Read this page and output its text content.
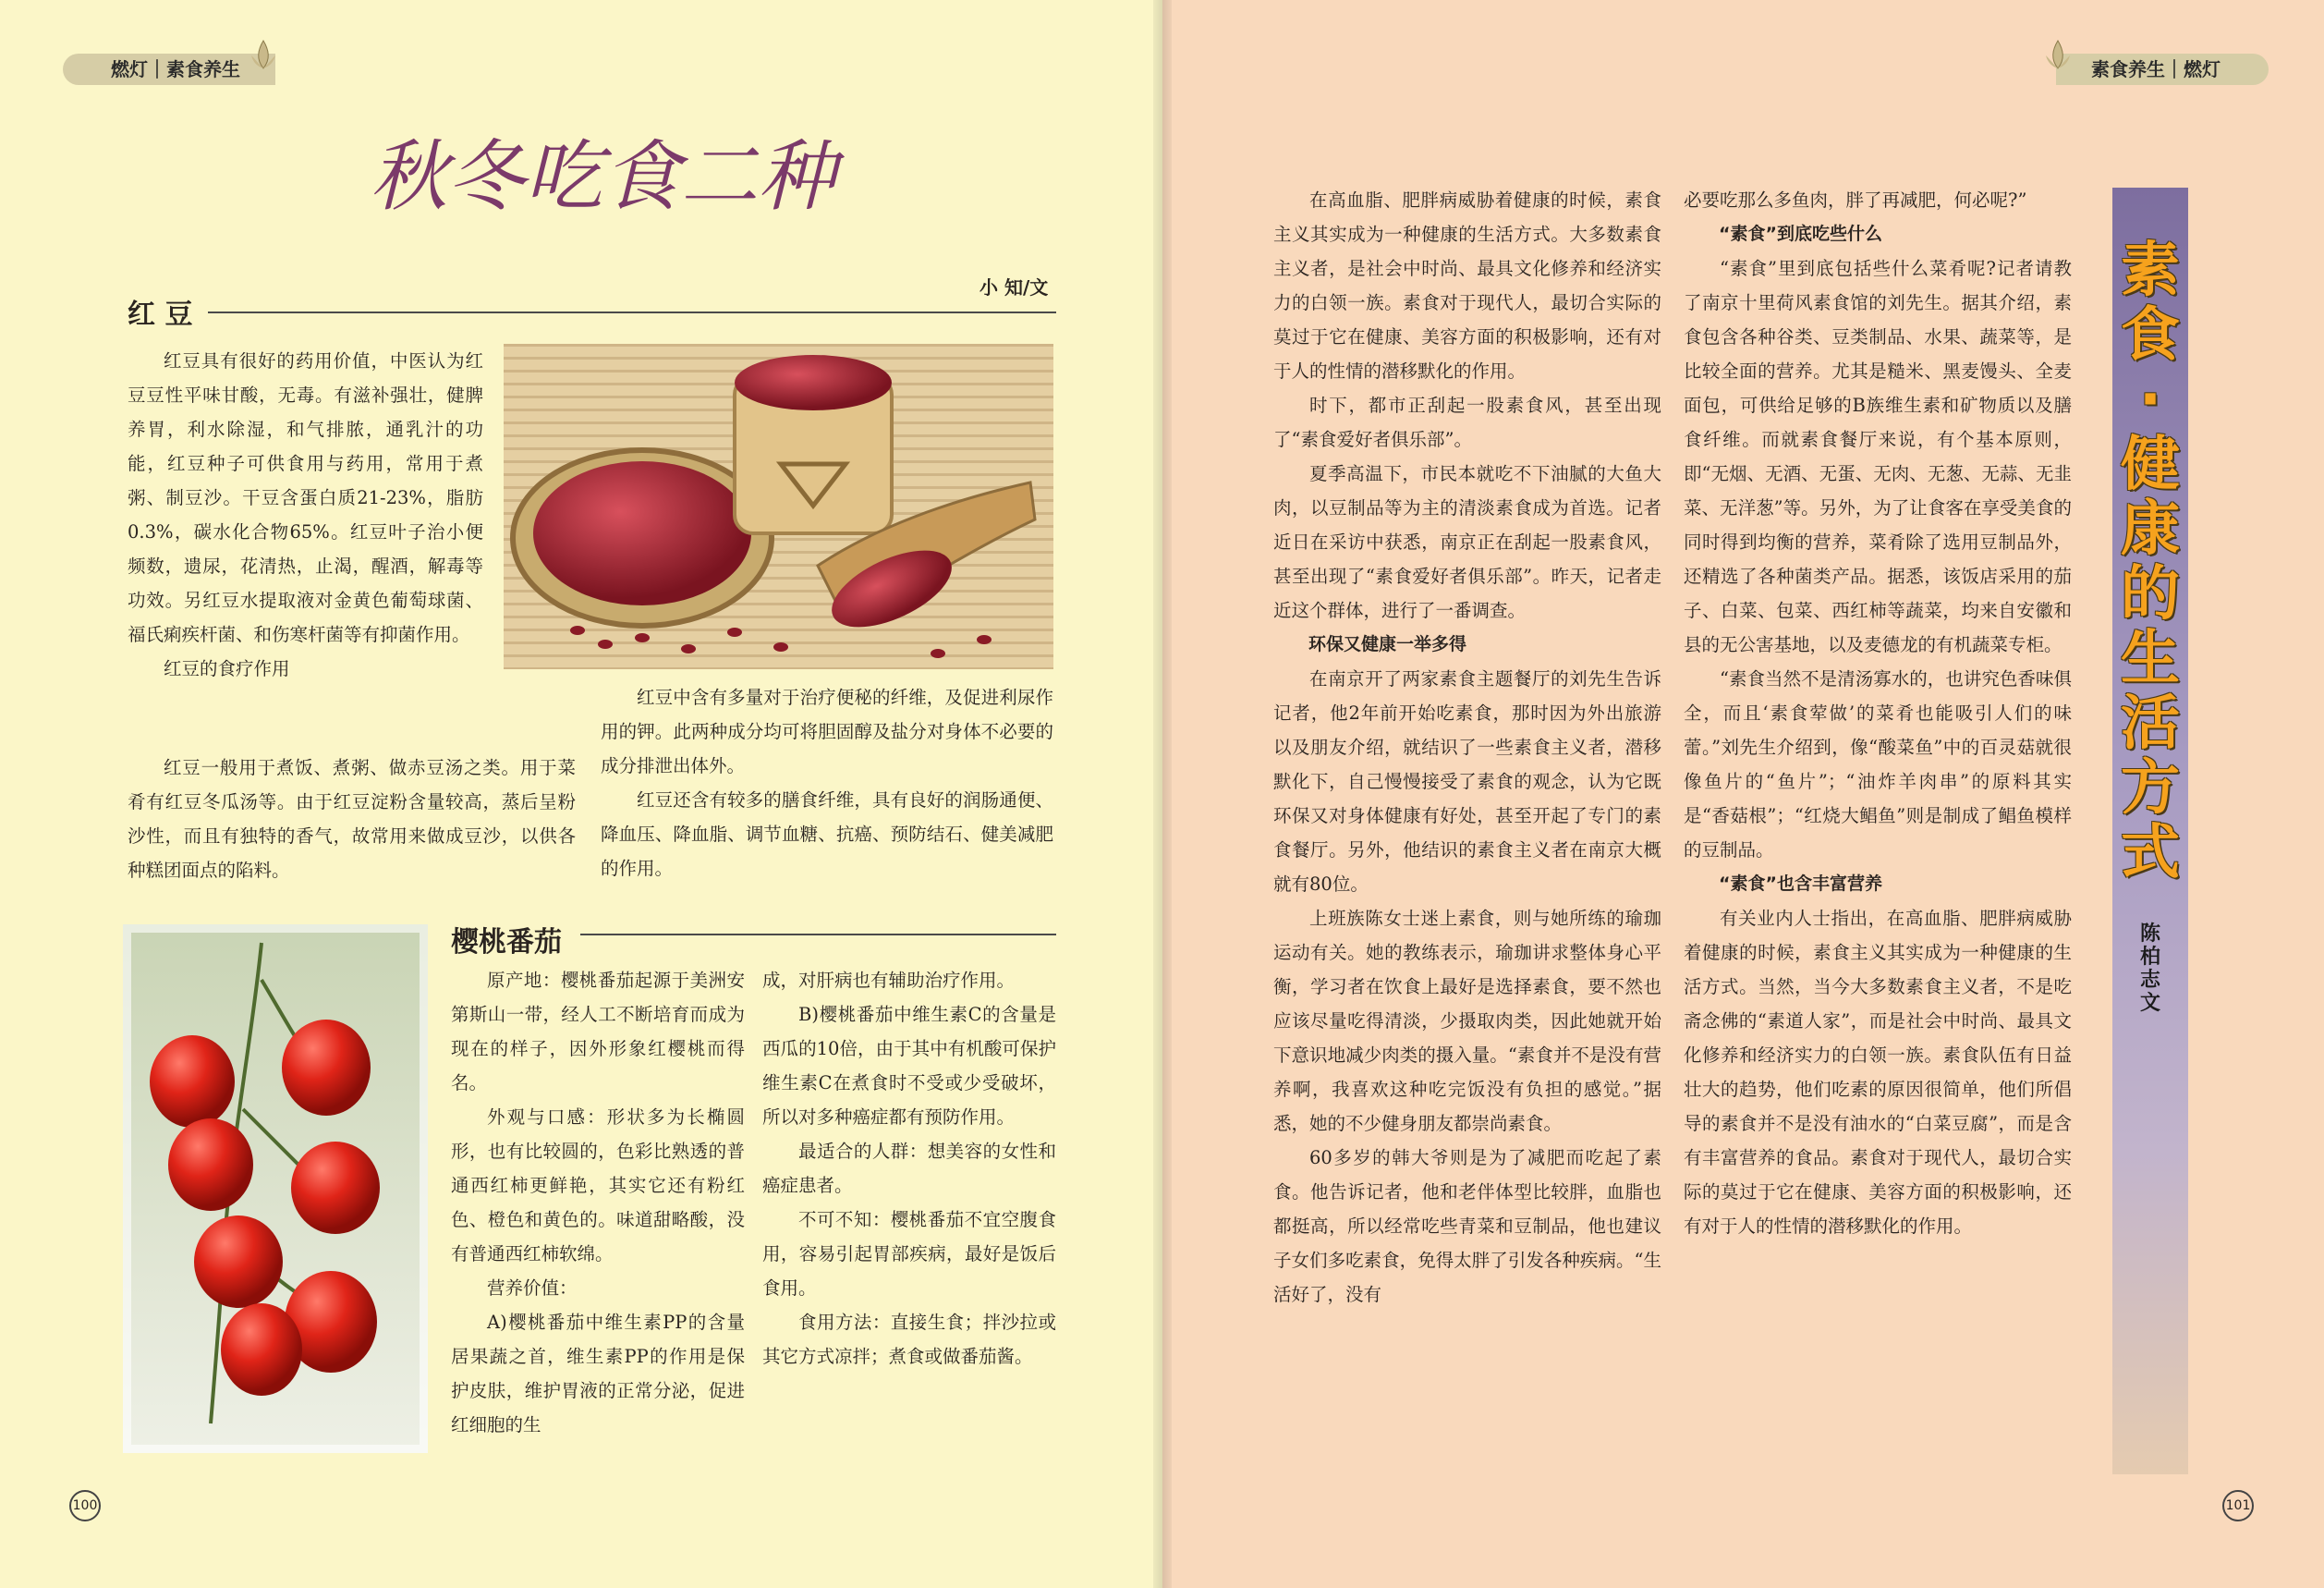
燃灯｜素食养生
秋冬吃食二种
小 知/文
红 豆

红豆具有很好的药用价值，中医认为红豆豆性平味甘酸，无毒。有滋补强壮，健脾养胃，利水除湿，和气排脓，通乳汁的功能，红豆种子可供食用与药用，常用于煮粥、制豆沙。干豆含蛋白质21-23%，脂肪0.3%，碳水化合物65%。红豆叶子治小便频数，遗尿，花清热，止渴，醒酒，解毒等功效。另红豆水提取液对金黄色葡萄球菌、福氏痢疾杆菌、和伤寒杆菌等有抑菌作用。

红豆的食疗作用

红豆一般用于煮饭、煮粥、做赤豆汤之类。用于菜肴有红豆冬瓜汤等。由于红豆淀粉含量较高，蒸后呈粉沙性，而且有独特的香气，故常用来做成豆沙，以供各种糕团面点的陷料。

红豆中含有多量对于治疗便秘的纤维，及促进利尿作用的钾。此两种成分均可将胆固醇及盐分对身体不必要的成分排泄出体外。

红豆还含有较多的膳食纤维，具有良好的润肠通便、降血压、降血脂、调节血糖、抗癌、预防结石、健美减肥的作用。

樱桃番茄

原产地：樱桃番茄起源于美洲安第斯山一带，经人工不断培育而成为现在的样子，因外形象红樱桃而得名。

外观与口感：形状多为长椭圆形，也有比较圆的，色彩比熟透的普通西红柿更鲜艳，其实它还有粉红色、橙色和黄色的。味道甜略酸，没有普通西红柿软绵。

营养价值：

A)樱桃番茄中维生素PP的含量居果蔬之首，维生素PP的作用是保护皮肤，维护胃液的正常分泌，促进红细胞的生

成，对肝病也有辅助治疗作用。

B)樱桃番茄中维生素C的含量是西瓜的10倍，由于其中有机酸可保护维生素C在煮食时不受或少受破坏，所以对多种癌症都有预防作用。

最适合的人群：想美容的女性和癌症患者。

不可不知：樱桃番茄不宜空腹食用，容易引起胃部疾病，最好是饭后食用。

食用方法：直接生食；拌沙拉或其它方式凉拌；煮食或做番茄酱。

100
素食养生｜燃灯

在高血脂、肥胖病威胁着健康的时候，素食主义其实成为一种健康的生活方式。大多数素食主义者，是社会中时尚、最具文化修养和经济实力的白领一族。素食对于现代人，最切合实际的莫过于它在健康、美容方面的积极影响，还有对于人的性情的潜移默化的作用。

时下，都市正刮起一股素食风，甚至出现了“素食爱好者俱乐部”。

夏季高温下，市民本就吃不下油腻的大鱼大肉，以豆制品等为主的清淡素食成为首选。记者近日在采访中获悉，南京正在刮起一股素食风，甚至出现了“素食爱好者俱乐部”。昨天，记者走近这个群体，进行了一番调查。

环保又健康一举多得

在南京开了两家素食主题餐厅的刘先生告诉记者，他2年前开始吃素食，那时因为外出旅游以及朋友介绍，就结识了一些素食主义者，潜移默化下，自己慢慢接受了素食的观念，认为它既环保又对身体健康有好处，甚至开起了专门的素食餐厅。另外，他结识的素食主义者在南京大概就有80位。

上班族陈女士迷上素食，则与她所练的瑜珈运动有关。她的教练表示，瑜珈讲求整体身心平衡，学习者在饮食上最好是选择素食，要不然也应该尽量吃得清淡，少摄取肉类，因此她就开始下意识地减少肉类的摄入量。“素食并不是没有营养啊，我喜欢这种吃完饭没有负担的感觉。”据悉，她的不少健身朋友都崇尚素食。

60多岁的韩大爷则是为了减肥而吃起了素食。他告诉记者，他和老伴体型比较胖，血脂也都挺高，所以经常吃些青菜和豆制品，他也建议子女们多吃素食，免得太胖了引发各种疾病。“生活好了，没有

必要吃那么多鱼肉，胖了再减肥，何必呢?”

“素食”到底吃些什么

“素食”里到底包括些什么菜肴呢?记者请教了南京十里荷风素食馆的刘先生。据其介绍，素食包含各种谷类、豆类制品、水果、蔬菜等，是比较全面的营养。尤其是糙米、黑麦馒头、全麦面包，可供给足够的B族维生素和矿物质以及膳食纤维。而就素食餐厅来说，有个基本原则，即“无烟、无酒、无蛋、无肉、无葱、无蒜、无韭菜、无洋葱”等。另外，为了让食客在享受美食的同时得到均衡的营养，菜肴除了选用豆制品外，还精选了各种菌类产品。据悉，该饭店采用的茄子、白菜、包菜、西红柿等蔬菜，均来自安徽和县的无公害基地，以及麦德龙的有机蔬菜专柜。

“素食当然不是清汤寡水的，也讲究色香味俱全，而且‘素食荤做’的菜肴也能吸引人们的味蕾。”刘先生介绍到，像“酸菜鱼”中的百灵菇就很像鱼片的“鱼片”；“油炸羊肉串”的原料其实是“香菇根”；“红烧大鲳鱼”则是制成了鲳鱼模样的豆制品。

“素食”也含丰富营养

有关业内人士指出，在高血脂、肥胖病威胁着健康的时候，素食主义其实成为一种健康的生活方式。当然，当今大多数素食主义者，不是吃斋念佛的“素道人家”，而是社会中时尚、最具文化修养和经济实力的白领一族。素食队伍有日益壮大的趋势，他们吃素的原因很简单，他们所倡导的素食并不是没有油水的“白菜豆腐”，而是含有丰富营养的食品。素食对于现代人，最切合实际的莫过于它在健康、美容方面的积极影响，还有对于人的性情的潜移默化的作用。

素
食
·
健
康
的
生
活
方
式
陈
柏
志
文
101
